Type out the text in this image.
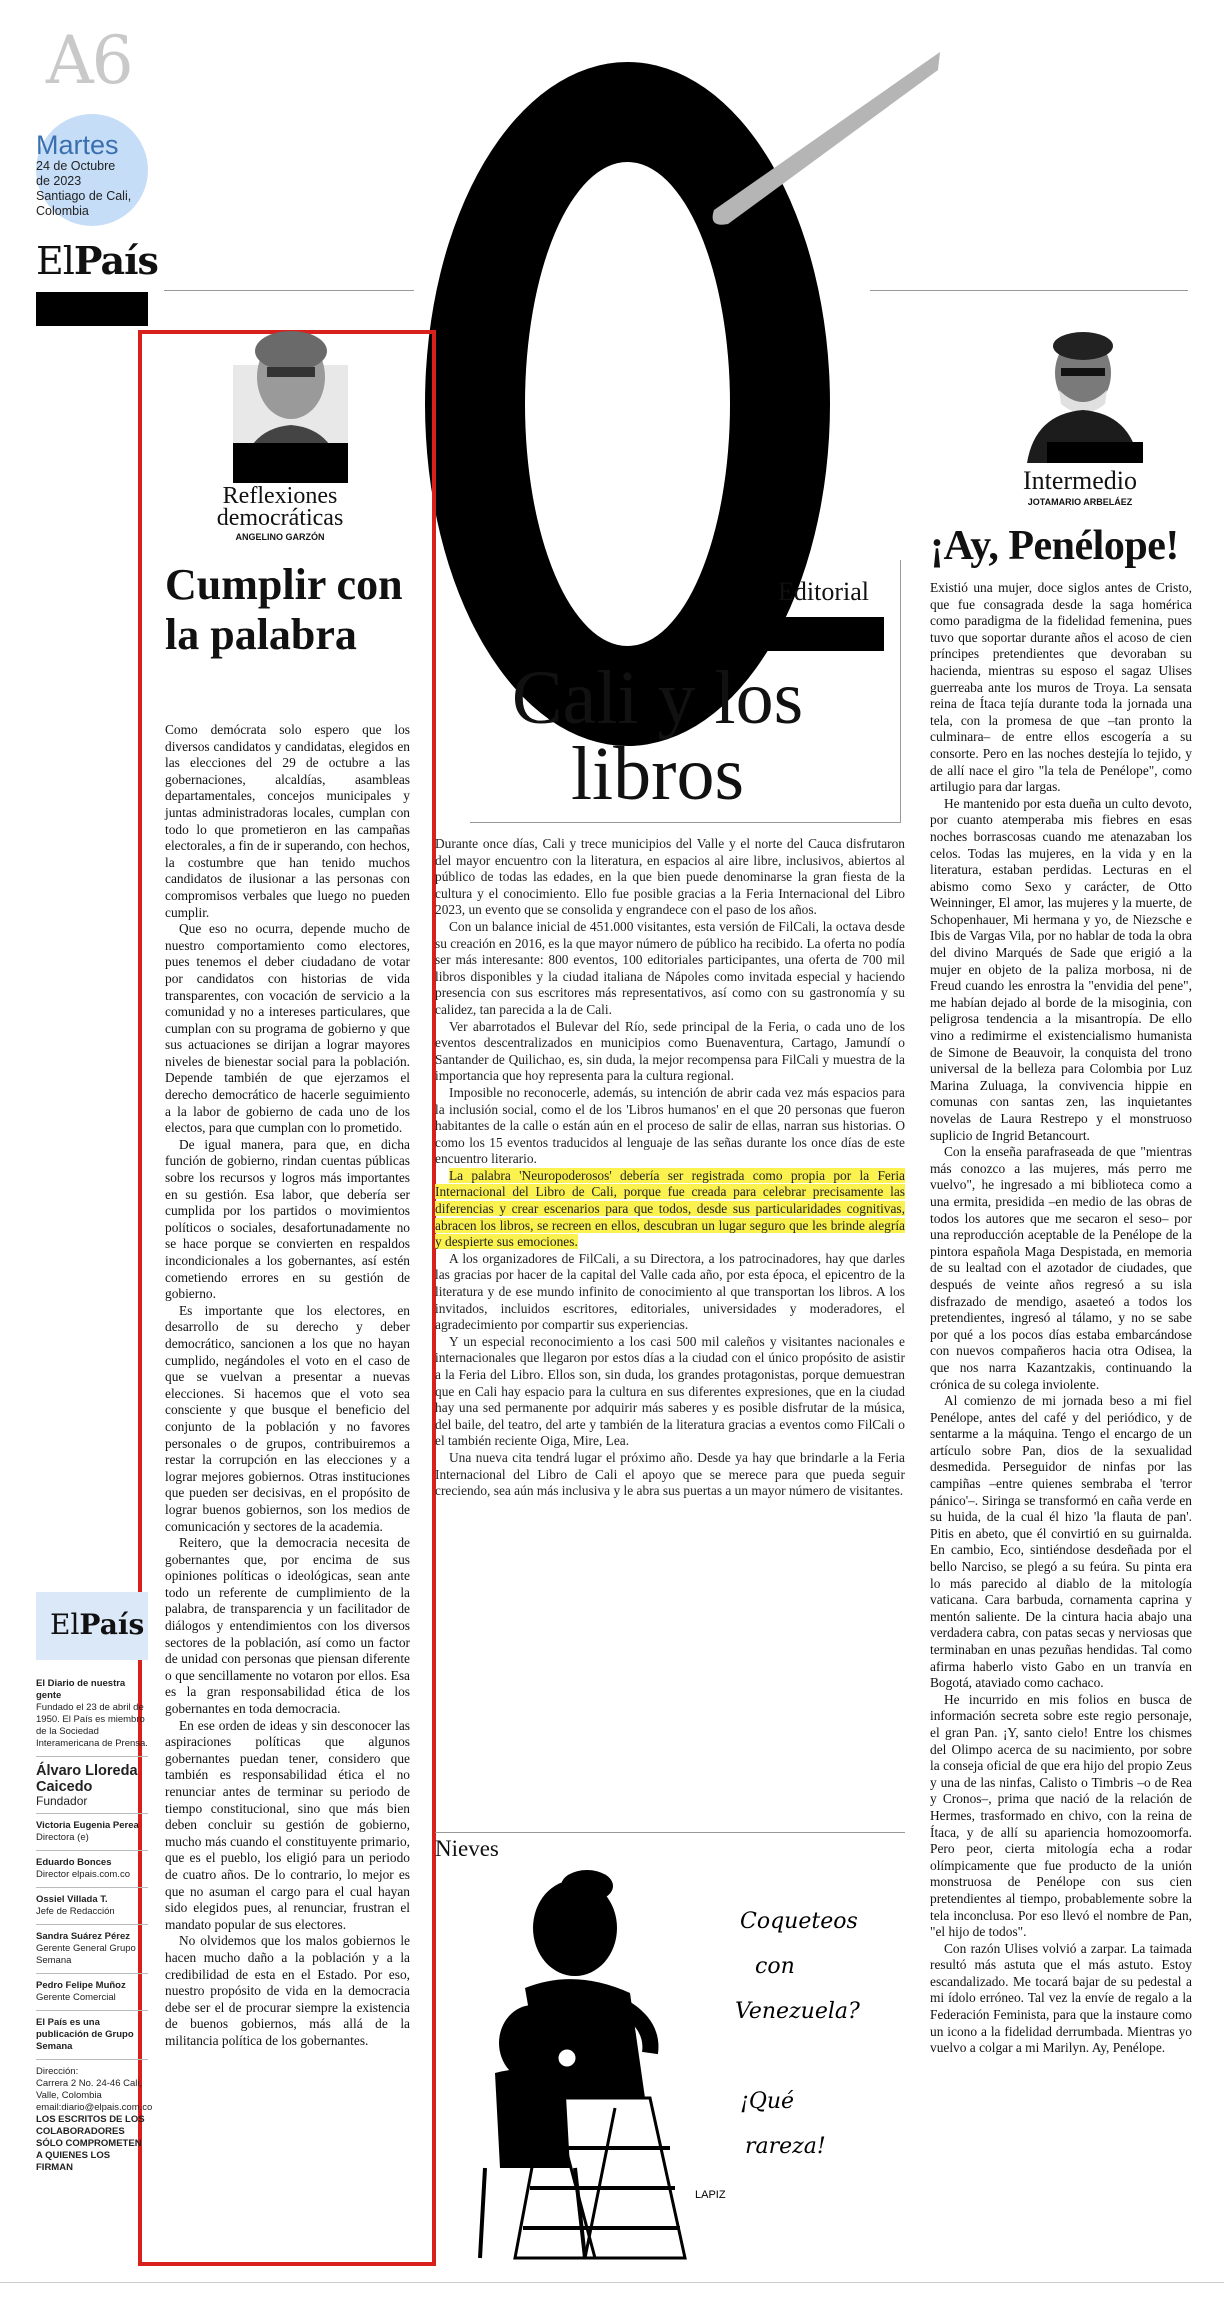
A6
Martes
24 de Octubre
de 2023
Santiago de Cali,
Colombia
ElPaís
Reflexiones democráticas
ANGELINO GARZÓN
Cumplir con la palabra

Como demócrata solo espero que los diversos candidatos y candidatas, elegidos en las elecciones del 29 de octubre a las gobernaciones, alcaldías, asambleas departamentales, concejos municipales y juntas administradoras locales, cumplan con todo lo que prometieron en las campañas electorales, a fin de ir superando, con hechos, la costumbre que han tenido muchos candidatos de ilusionar a las personas con compromisos verbales que luego no pueden cumplir.

Que eso no ocurra, depende mucho de nuestro comportamiento como electores, pues tenemos el deber ciudadano de votar por candidatos con historias de vida transparentes, con vocación de servicio a la comunidad y no a intereses particulares, que cumplan con su programa de gobierno y que sus actuaciones se dirijan a lograr mayores niveles de bienestar social para la población. Depende también de que ejerzamos el derecho democrático de hacerle seguimiento a la labor de gobierno de cada uno de los electos, para que cumplan con lo prometido.

De igual manera, para que, en dicha función de gobierno, rindan cuentas públicas sobre los recursos y logros más importantes en su gestión. Esa labor, que debería ser cumplida por los partidos o movimientos políticos o sociales, desafortunadamente no se hace porque se convierten en respaldos incondicionales a los gobernantes, así estén cometiendo errores en su gestión de gobierno.

Es importante que los electores, en desarrollo de su derecho y deber democrático, sancionen a los que no hayan cumplido, negándoles el voto en el caso de que se vuelvan a presentar a nuevas elecciones. Si hacemos que el voto sea consciente y que busque el beneficio del conjunto de la población y no favores personales o de grupos, contribuiremos a restar la corrupción en las elecciones y a lograr mejores gobiernos. Otras instituciones que pueden ser decisivas, en el propósito de lograr buenos gobiernos, son los medios de comunicación y sectores de la academia.

Reitero, que la democracia necesita de gobernantes que, por encima de sus opiniones políticas o ideológicas, sean ante todo un referente de cumplimiento de la palabra, de transparencia y un facilitador de diálogos y entendimientos con los diversos sectores de la población, así como un factor de unidad con personas que piensan diferente o que sencillamente no votaron por ellos. Esa es la gran responsabilidad ética de los gobernantes en toda democracia.

En ese orden de ideas y sin desconocer las aspiraciones políticas que algunos gobernantes puedan tener, considero que también es responsabilidad ética el no renunciar antes de terminar su periodo de tiempo constitucional, sino que más bien deben concluir su gestión de gobierno, mucho más cuando el constituyente primario, que es el pueblo, los eligió para un periodo de cuatro años. De lo contrario, lo mejor es que no asuman el cargo para el cual hayan sido elegidos pues, al renunciar, frustran el mandato popular de sus electores.

No olvidemos que los malos gobiernos le hacen mucho daño a la población y a la credibilidad de esta en el Estado. Por eso, nuestro propósito de vida en la democracia debe ser el de procurar siempre la existencia de buenos gobiernos, más allá de la militancia política de los gobernantes.

ElPaís
El Diario de nuestra gente
Fundado el 23 de abril de 1950. El País es miembro de la Sociedad Interamericana de Prensa.
Álvaro Lloreda Caicedo
Fundador
Victoria Eugenia Perea
Directora (e)
Eduardo Bonces
Director elpais.com.co
Ossiel Villada T.
Jefe de Redacción
Sandra Suárez Pérez
Gerente General Grupo Semana
Pedro Felipe Muñoz
Gerente Comercial
El País es una publicación de Grupo Semana
Dirección:
Carrera 2 No. 24-46 Cali, Valle, Colombia
email:diario@elpais.com.co
LOS ESCRITOS DE LOS COLABORADORES SÓLO COMPROMETEN A QUIENES LOS FIRMAN
Editorial
Cali y los
libros

Durante once días, Cali y trece municipios del Valle y el norte del Cauca disfrutaron del mayor encuentro con la literatura, en espacios al aire libre, inclusivos, abiertos al público de todas las edades, en la que bien puede denominarse la gran fiesta de la cultura y el conocimiento. Ello fue posible gracias a la Feria Internacional del Libro 2023, un evento que se consolida y engrandece con el paso de los años.

Con un balance inicial de 451.000 visitantes, esta versión de FilCali, la octava desde su creación en 2016, es la que mayor número de público ha recibido. La oferta no podía ser más interesante: 800 eventos, 100 editoriales participantes, una oferta de 700 mil libros disponibles y la ciudad italiana de Nápoles como invitada especial y haciendo presencia con sus escritores más representativos, así como con su gastronomía y su calidez, tan parecida a la de Cali.

Ver abarrotados el Bulevar del Río, sede principal de la Feria, o cada uno de los eventos descentralizados en municipios como Buenaventura, Cartago, Jamundí o Santander de Quilichao, es, sin duda, la mejor recompensa para FilCali y muestra de la importancia que hoy representa para la cultura regional.

Imposible no reconocerle, además, su intención de abrir cada vez más espacios para la inclusión social, como el de los 'Libros humanos' en el que 20 personas que fueron habitantes de la calle o están aún en el proceso de salir de ellas, narran sus historias. O como los 15 eventos traducidos al lenguaje de las señas durante los once días de este encuentro literario.

La palabra 'Neuropoderosos' debería ser registrada como propia por la Feria Internacional del Libro de Cali, porque fue creada para celebrar precisamente las diferencias y crear escenarios para que todos, desde sus particularidades cognitivas, abracen los libros, se recreen en ellos, descubran un lugar seguro que les brinde alegría y despierte sus emociones.

A los organizadores de FilCali, a su Directora, a los patrocinadores, hay que darles las gracias por hacer de la capital del Valle cada año, por esta época, el epicentro de la literatura y de ese mundo infinito de conocimiento al que transportan los libros. A los invitados, incluidos escritores, editoriales, universidades y moderadores, el agradecimiento por compartir sus experiencias.

Y un especial reconocimiento a los casi 500 mil caleños y visitantes nacionales e internacionales que llegaron por estos días a la ciudad con el único propósito de asistir a la Feria del Libro. Ellos son, sin duda, los grandes protagonistas, porque demuestran que en Cali hay espacio para la cultura en sus diferentes expresiones, que en la ciudad hay una sed permanente por adquirir más saberes y es posible disfrutar de la música, del baile, del teatro, del arte y también de la literatura gracias a eventos como FilCali o el también reciente Oiga, Mire, Lea.

Una nueva cita tendrá lugar el próximo año. Desde ya hay que brindarle a la Feria Internacional del Libro de Cali el apoyo que se merece para que pueda seguir creciendo, sea aún más inclusiva y le abra sus puertas a un mayor número de visitantes.

Nieves
Coqueteos
con
Venezuela?
¡Qué
rareza!
LAPIZ
Intermedio
JOTAMARIO ARBELÁEZ
¡Ay, Penélope!

Existió una mujer, doce siglos antes de Cristo, que fue consagrada desde la saga homérica como paradigma de la fidelidad femenina, pues tuvo que soportar durante años el acoso de cien príncipes pretendientes que devoraban su hacienda, mientras su esposo el sagaz Ulises guerreaba ante los muros de Troya. La sensata reina de Ítaca tejía durante toda la jornada una tela, con la promesa de que –tan pronto la culminara– de entre ellos escogería a su consorte. Pero en las noches destejía lo tejido, y de allí nace el giro "la tela de Penélope", como artilugio para dar largas.

He mantenido por esta dueña un culto devoto, por cuanto atemperaba mis fiebres en esas noches borrascosas cuando me atenazaban los celos. Todas las mujeres, en la vida y en la literatura, estaban perdidas. Lecturas en el abismo como Sexo y carácter, de Otto Weinninger, El amor, las mujeres y la muerte, de Schopenhauer, Mi hermana y yo, de Niezsche e Ibis de Vargas Vila, por no hablar de toda la obra del divino Marqués de Sade que erigió a la mujer en objeto de la paliza morbosa, ni de Freud cuando les enrostra la "envidia del pene", me habían dejado al borde de la misoginia, con peligrosa tendencia a la misantropía. De ello vino a redimirme el existencialismo humanista de Simone de Beauvoir, la conquista del trono universal de la belleza para Colombia por Luz Marina Zuluaga, la convivencia hippie en comunas con santas zen, las inquietantes novelas de Laura Restrepo y el monstruoso suplicio de Ingrid Betancourt.

Con la enseña parafraseada de que "mientras más conozco a las mujeres, más perro me vuelvo", he ingresado a mi biblioteca como a una ermita, presidida –en medio de las obras de todos los autores que me secaron el seso– por una reproducción aceptable de la Penélope de la pintora española Maga Despistada, en memoria de su lealtad con el azotador de ciudades, que después de veinte años regresó a su isla disfrazado de mendigo, asaeteó a todos los pretendientes, ingresó al tálamo, y no se sabe por qué a los pocos días estaba embarcándose con nuevos compañeros hacia otra Odisea, la que nos narra Kazantzakis, continuando la crónica de su colega inviolente.

Al comienzo de mi jornada beso a mi fiel Penélope, antes del café y del periódico, y de sentarme a la máquina. Tengo el encargo de un artículo sobre Pan, dios de la sexualidad desmedida. Perseguidor de ninfas por las campiñas –entre quienes sembraba el 'terror pánico'–. Siringa se transformó en caña verde en su huida, de la cual él hizo 'la flauta de pan'. Pitis en abeto, que él convirtió en su guirnalda. En cambio, Eco, sintiéndose desdeñada por el bello Narciso, se plegó a su feúra. Su pinta era lo más parecido al diablo de la mitología vaticana. Cara barbuda, cornamenta caprina y mentón saliente. De la cintura hacia abajo una verdadera cabra, con patas secas y nerviosas que terminaban en unas pezuñas hendidas. Tal como afirma haberlo visto Gabo en un tranvía en Bogotá, ataviado como cachaco.

He incurrido en mis folios en busca de información secreta sobre este regio personaje, el gran Pan. ¡Y, santo cielo! Entre los chismes del Olimpo acerca de su nacimiento, por sobre la conseja oficial de que era hijo del propio Zeus y una de las ninfas, Calisto o Timbris –o de Rea y Cronos–, prima que nació de la relación de Hermes, trasformado en chivo, con la reina de Ítaca, y de allí su apariencia homozoomorfa. Pero peor, cierta mitología echa a rodar olímpicamente que fue producto de la unión monstruosa de Penélope con sus cien pretendientes al tiempo, probablemente sobre la tela inconclusa. Por eso llevó el nombre de Pan, "el hijo de todos".

Con razón Ulises volvió a zarpar. La taimada resultó más astuta que el más astuto. Estoy escandalizado. Me tocará bajar de su pedestal a mi ídolo erróneo. Tal vez la envíe de regalo a la Federación Feminista, para que la instaure como un icono a la fidelidad derrumbada. Mientras yo vuelvo a colgar a mi Marilyn. Ay, Penélope.
